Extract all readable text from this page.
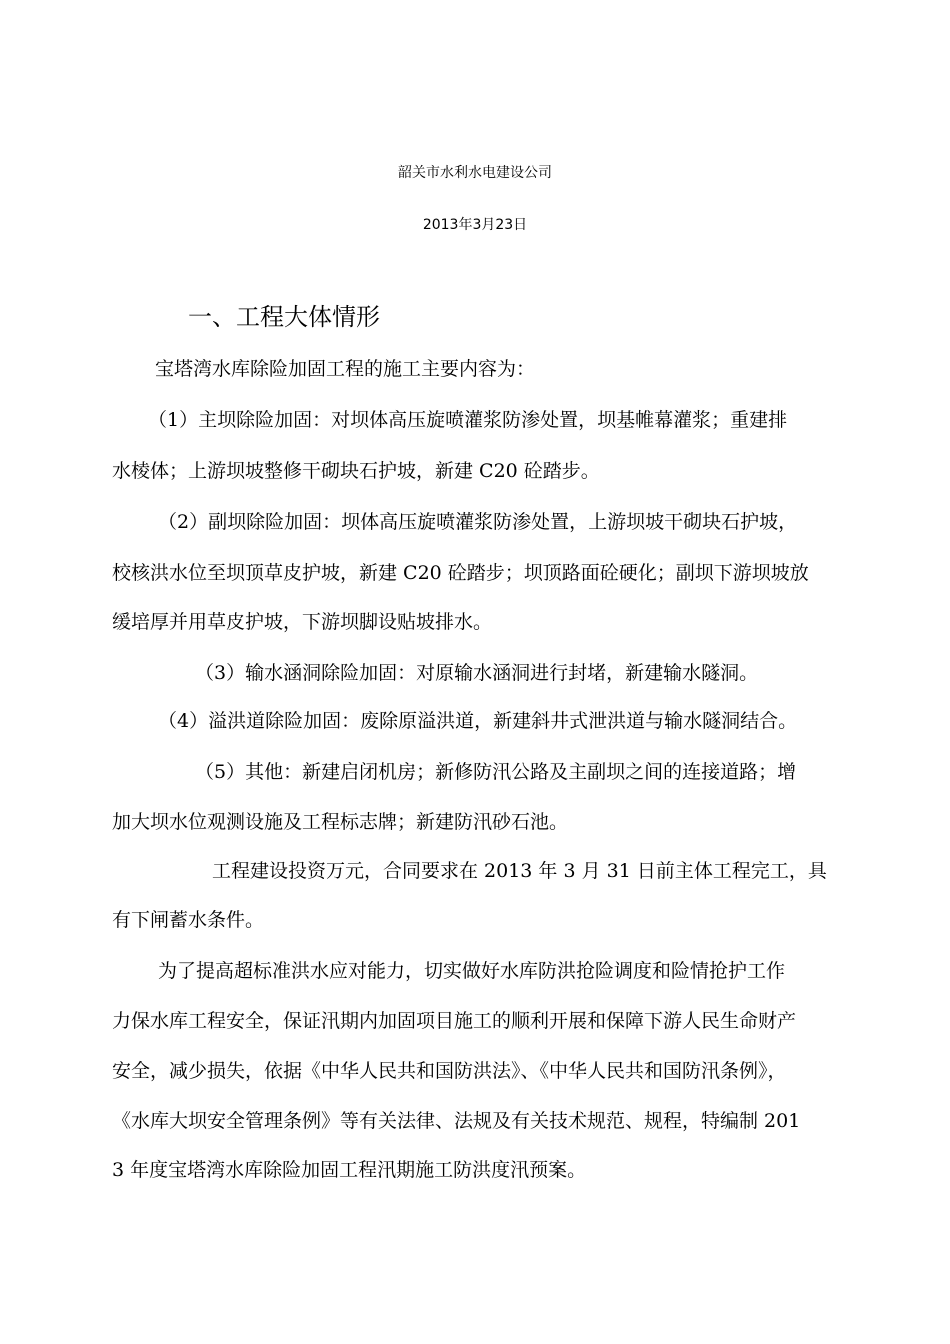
韶关市水利水电建设公司
2013年3月23日
一、工程大体情形
宝塔湾水库除险加固工程的施工主要内容为：
（1）主坝除险加固：对坝体高压旋喷灌浆防渗处置，坝基帷幕灌浆；重建排
水棱体；上游坝坡整修干砌块石护坡，新建 C20 砼踏步。
（2）副坝除险加固：坝体高压旋喷灌浆防渗处置，上游坝坡干砌块石护坡，
校核洪水位至坝顶草皮护坡，新建 C20 砼踏步；坝顶路面砼硬化；副坝下游坝坡放
缓培厚并用草皮护坡，下游坝脚设贴坡排水。
（3）输水涵洞除险加固：对原输水涵洞进行封堵，新建输水隧洞。
（4）溢洪道除险加固：废除原溢洪道，新建斜井式泄洪道与输水隧洞结合。
（5）其他：新建启闭机房；新修防汛公路及主副坝之间的连接道路；增
加大坝水位观测设施及工程标志牌；新建防汛砂石池。
工程建设投资万元，合同要求在 2013 年 3 月 31 日前主体工程完工，具
有下闸蓄水条件。
为了提高超标准洪水应对能力，切实做好水库防洪抢险调度和险情抢护工作
力保水库工程安全，保证汛期内加固项目施工的顺利开展和保障下游人民生命财产
安全，减少损失，依据《中华人民共和国防洪法》、《中华人民共和国防汛条例》，
《水库大坝安全管理条例》等有关法律、法规及有关技术规范、规程，特编制 201
3 年度宝塔湾水库除险加固工程汛期施工防洪度汛预案。
